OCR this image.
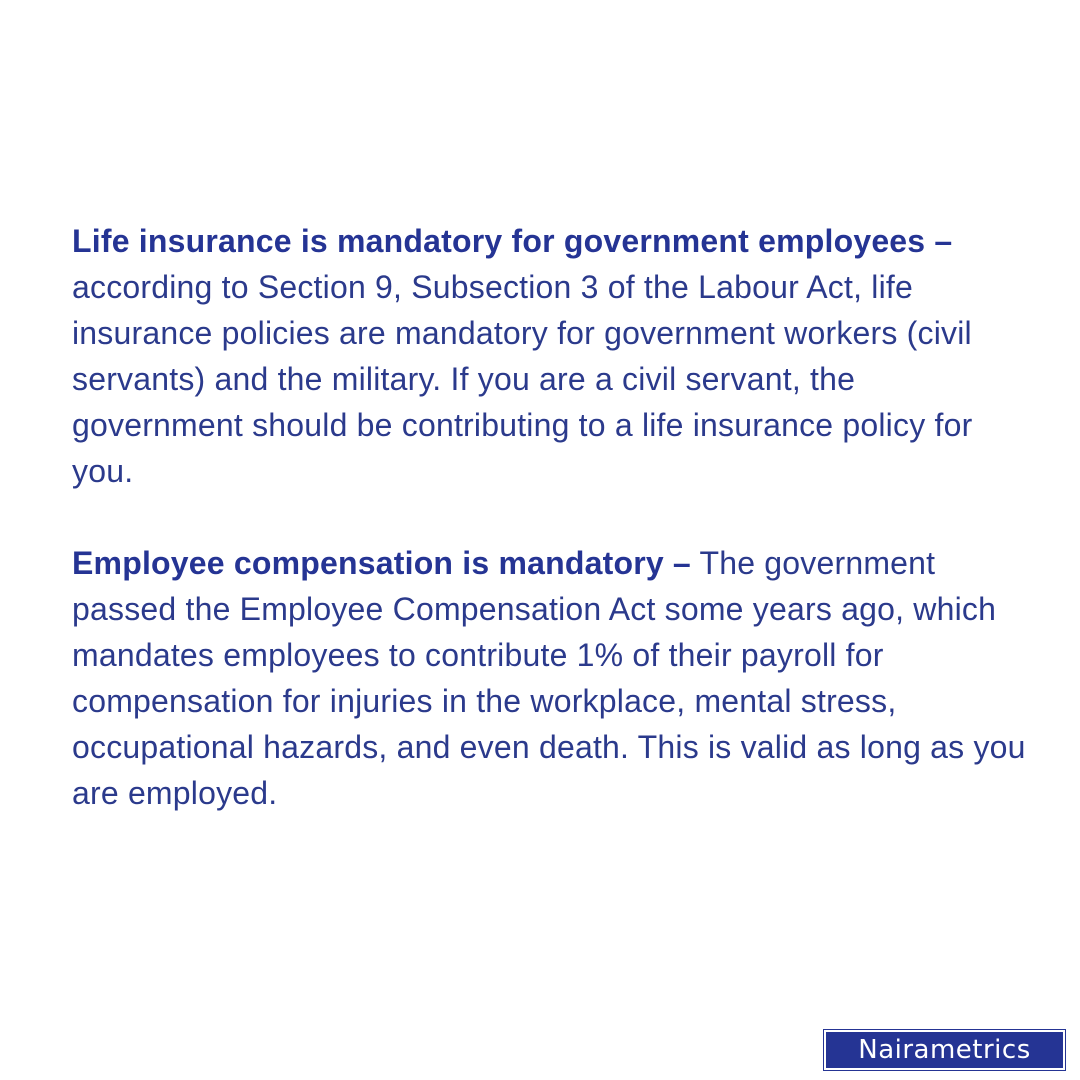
Life insurance is mandatory for government employees – according to Section 9, Subsection 3 of the Labour Act, life insurance policies are mandatory for government workers (civil servants) and the military. If you are a civil servant, the government should be contributing to a life insurance policy for you.

Employee compensation is mandatory – The government passed the Employee Compensation Act some years ago, which mandates employees to contribute 1% of their payroll for compensation for injuries in the workplace, mental stress, occupational hazards, and even death. This is valid as long as you are employed.

Nairametrics
